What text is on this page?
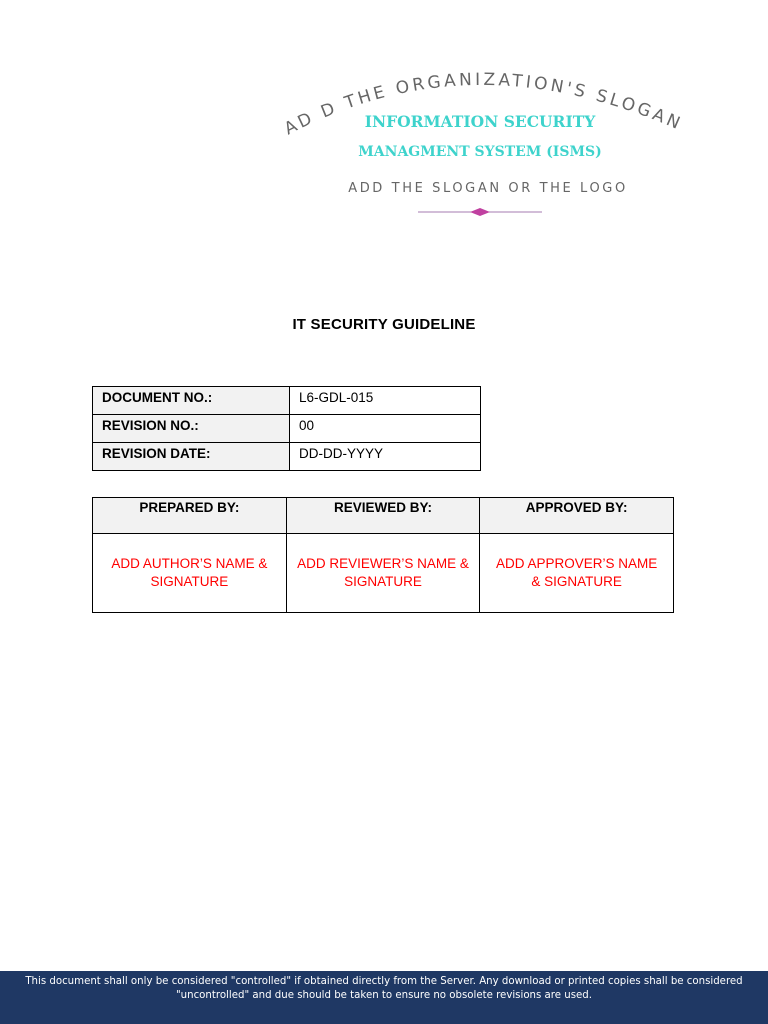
AD D THE ORGANIZATION'S SLOGAN
INFORMATION SECURITY
MANAGMENT SYSTEM (ISMS)
ADD THE SLOGAN OR THE LOGO
IT SECURITY GUIDELINE
DOCUMENT NO.:	L6-GDL-015
REVISION NO.:	00
REVISION DATE:	DD-DD-YYYY
PREPARED BY:	REVIEWED BY:	APPROVED BY:
ADD AUTHOR’S NAME & SIGNATURE	ADD REVIEWER’S NAME & SIGNATURE	ADD APPROVER’S NAME & SIGNATURE
This document shall only be considered "controlled" if obtained directly from the Server. Any download or printed copies shall be considered "uncontrolled" and due should be taken to ensure no obsolete revisions are used.
